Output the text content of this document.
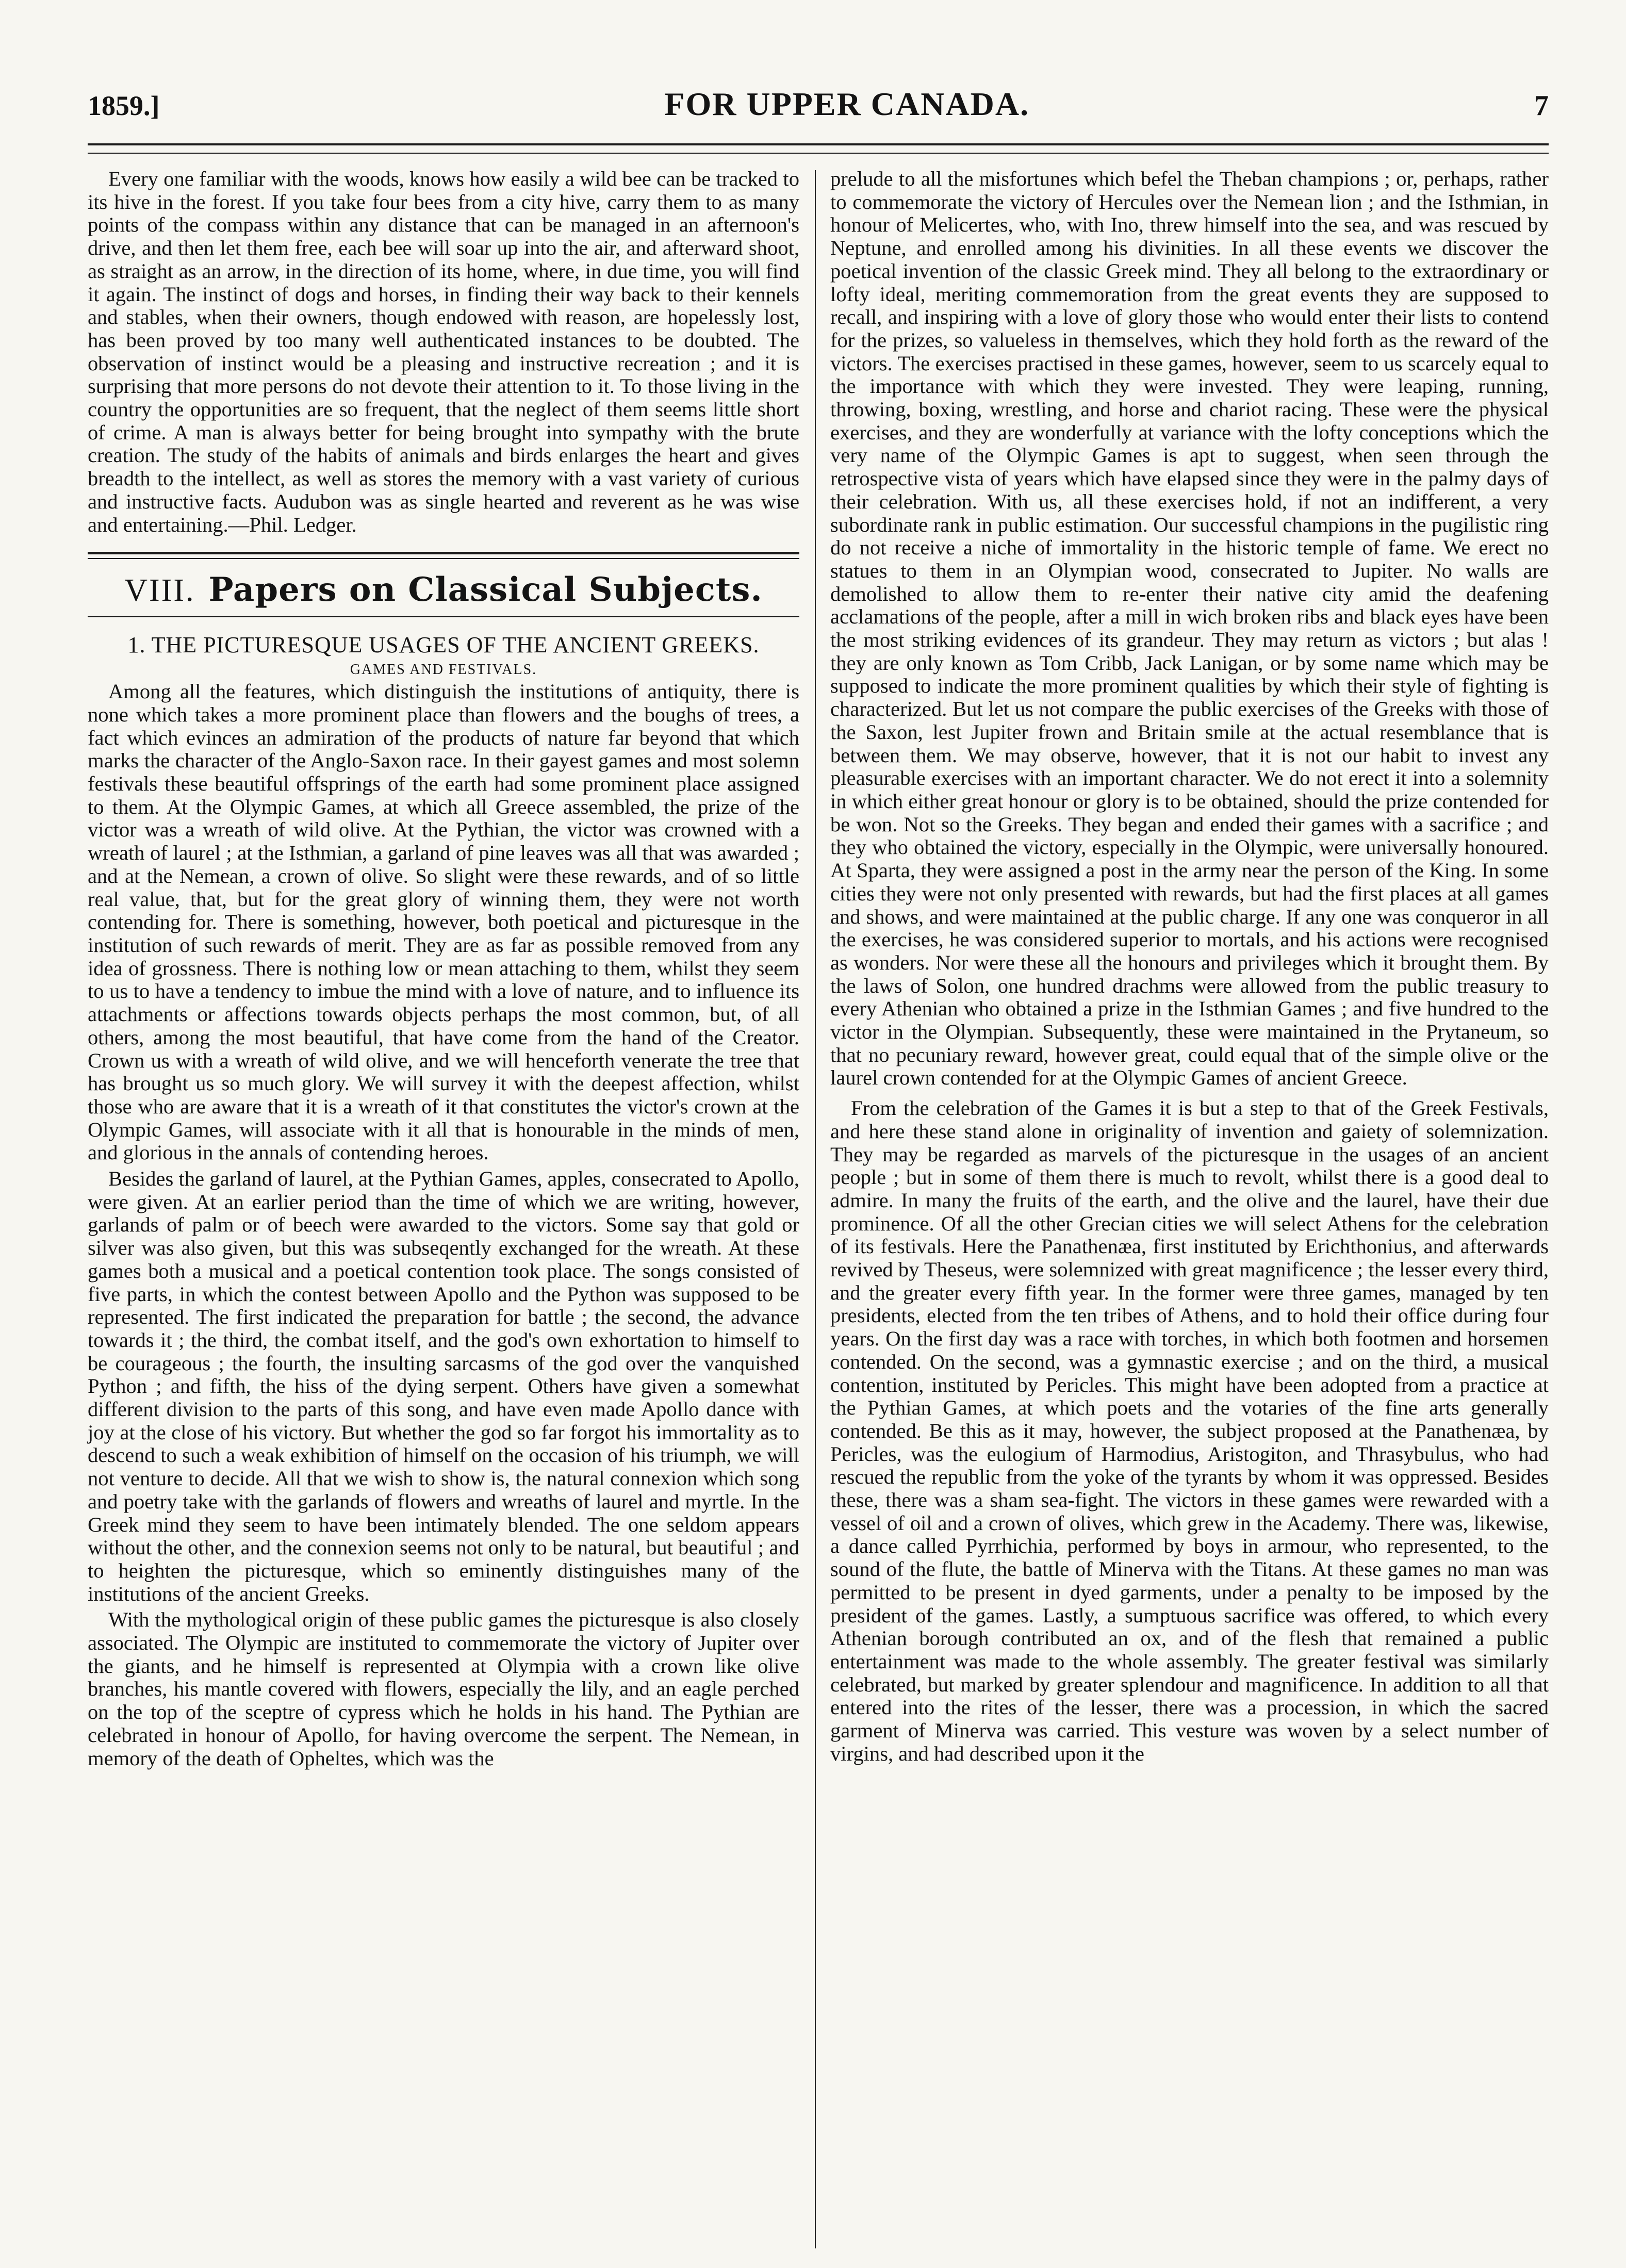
1859.]	FOR UPPER CANADA.	7

Every one familiar with the woods, knows how easily a wild bee can be tracked to its hive in the forest. If you take four bees from a city hive, carry them to as many points of the compass within any distance that can be managed in an afternoon's drive, and then let them free, each bee will soar up into the air, and afterward shoot, as straight as an arrow, in the direction of its home, where, in due time, you will find it again. The instinct of dogs and horses, in finding their way back to their kennels and stables, when their owners, though endowed with reason, are hopelessly lost, has been proved by too many well authenticated instances to be doubted. The observation of instinct would be a pleasing and instructive recreation ; and it is surprising that more persons do not devote their attention to it. To those living in the country the opportunities are so frequent, that the neglect of them seems little short of crime. A man is always better for being brought into sympathy with the brute creation. The study of the habits of animals and birds enlarges the heart and gives breadth to the intellect, as well as stores the memory with a vast variety of curious and instructive facts. Audubon was as single hearted and reverent as he was wise and entertaining.—Phil. Ledger.

VIII. Papers on Classical Subjects.
1. THE PICTURESQUE USAGES OF THE ANCIENT GREEKS.
GAMES AND FESTIVALS.

Among all the features, which distinguish the institutions of antiquity, there is none which takes a more prominent place than flowers and the boughs of trees, a fact which evinces an admiration of the products of nature far beyond that which marks the character of the Anglo-Saxon race. In their gayest games and most solemn festivals these beautiful offsprings of the earth had some prominent place assigned to them. At the Olympic Games, at which all Greece assembled, the prize of the victor was a wreath of wild olive. At the Pythian, the victor was crowned with a wreath of laurel ; at the Isthmian, a garland of pine leaves was all that was awarded ; and at the Nemean, a crown of olive. So slight were these rewards, and of so little real value, that, but for the great glory of winning them, they were not worth contending for. There is something, however, both poetical and picturesque in the institution of such rewards of merit. They are as far as possible removed from any idea of grossness. There is nothing low or mean attaching to them, whilst they seem to us to have a tendency to imbue the mind with a love of nature, and to influence its attachments or affections towards objects perhaps the most common, but, of all others, among the most beautiful, that have come from the hand of the Creator. Crown us with a wreath of wild olive, and we will henceforth venerate the tree that has brought us so much glory. We will survey it with the deepest affection, whilst those who are aware that it is a wreath of it that constitutes the victor's crown at the Olympic Games, will associate with it all that is honourable in the minds of men, and glorious in the annals of contending heroes.

Besides the garland of laurel, at the Pythian Games, apples, consecrated to Apollo, were given. At an earlier period than the time of which we are writing, however, garlands of palm or of beech were awarded to the victors. Some say that gold or silver was also given, but this was subseqently exchanged for the wreath. At these games both a musical and a poetical contention took place. The songs consisted of five parts, in which the contest between Apollo and the Python was supposed to be represented. The first indicated the preparation for battle ; the second, the advance towards it ; the third, the combat itself, and the god's own exhortation to himself to be courageous ; the fourth, the insulting sarcasms of the god over the vanquished Python ; and fifth, the hiss of the dying serpent. Others have given a somewhat different division to the parts of this song, and have even made Apollo dance with joy at the close of his victory. But whether the god so far forgot his immortality as to descend to such a weak exhibition of himself on the occasion of his triumph, we will not venture to decide. All that we wish to show is, the natural connexion which song and poetry take with the garlands of flowers and wreaths of laurel and myrtle. In the Greek mind they seem to have been intimately blended. The one seldom appears without the other, and the connexion seems not only to be natural, but beautiful ; and to heighten the picturesque, which so eminently distinguishes many of the institutions of the ancient Greeks.

With the mythological origin of these public games the picturesque is also closely associated. The Olympic are instituted to commemorate the victory of Jupiter over the giants, and he himself is represented at Olympia with a crown like olive branches, his mantle covered with flowers, especially the lily, and an eagle perched on the top of the sceptre of cypress which he holds in his hand. The Pythian are celebrated in honour of Apollo, for having overcome the serpent. The Nemean, in memory of the death of Opheltes, which was the

prelude to all the misfortunes which befel the Theban champions ; or, perhaps, rather to commemorate the victory of Hercules over the Nemean lion ; and the Isthmian, in honour of Melicertes, who, with Ino, threw himself into the sea, and was rescued by Neptune, and enrolled among his divinities. In all these events we discover the poetical invention of the classic Greek mind. They all belong to the extraordinary or lofty ideal, meriting commemoration from the great events they are supposed to recall, and inspiring with a love of glory those who would enter their lists to contend for the prizes, so valueless in themselves, which they hold forth as the reward of the victors. The exercises practised in these games, however, seem to us scarcely equal to the importance with which they were invested. They were leaping, running, throwing, boxing, wrestling, and horse and chariot racing. These were the physical exercises, and they are wonderfully at variance with the lofty conceptions which the very name of the Olympic Games is apt to suggest, when seen through the retrospective vista of years which have elapsed since they were in the palmy days of their celebration. With us, all these exercises hold, if not an indifferent, a very subordinate rank in public estimation. Our successful champions in the pugilistic ring do not receive a niche of immortality in the historic temple of fame. We erect no statues to them in an Olympian wood, consecrated to Jupiter. No walls are demolished to allow them to re-enter their native city amid the deafening acclamations of the people, after a mill in wich broken ribs and black eyes have been the most striking evidences of its grandeur. They may return as victors ; but alas ! they are only known as Tom Cribb, Jack Lanigan, or by some name which may be supposed to indicate the more prominent qualities by which their style of fighting is characterized. But let us not compare the public exercises of the Greeks with those of the Saxon, lest Jupiter frown and Britain smile at the actual resemblance that is between them. We may observe, however, that it is not our habit to invest any pleasurable exercises with an important character. We do not erect it into a solemnity in which either great honour or glory is to be obtained, should the prize contended for be won. Not so the Greeks. They began and ended their games with a sacrifice ; and they who obtained the victory, especially in the Olympic, were universally honoured. At Sparta, they were assigned a post in the army near the person of the King. In some cities they were not only presented with rewards, but had the first places at all games and shows, and were maintained at the public charge. If any one was conqueror in all the exercises, he was considered superior to mortals, and his actions were recognised as wonders. Nor were these all the honours and privileges which it brought them. By the laws of Solon, one hundred drachms were allowed from the public treasury to every Athenian who obtained a prize in the Isthmian Games ; and five hundred to the victor in the Olympian. Subsequently, these were maintained in the Prytaneum, so that no pecuniary reward, however great, could equal that of the simple olive or the laurel crown contended for at the Olympic Games of ancient Greece.

From the celebration of the Games it is but a step to that of the Greek Festivals, and here these stand alone in originality of invention and gaiety of solemnization. They may be regarded as marvels of the picturesque in the usages of an ancient people ; but in some of them there is much to revolt, whilst there is a good deal to admire. In many the fruits of the earth, and the olive and the laurel, have their due prominence. Of all the other Grecian cities we will select Athens for the celebration of its festivals. Here the Panathenæa, first instituted by Erichthonius, and afterwards revived by Theseus, were solemnized with great magnificence ; the lesser every third, and the greater every fifth year. In the former were three games, managed by ten presidents, elected from the ten tribes of Athens, and to hold their office during four years. On the first day was a race with torches, in which both footmen and horsemen contended. On the second, was a gymnastic exercise ; and on the third, a musical contention, instituted by Pericles. This might have been adopted from a practice at the Pythian Games, at which poets and the votaries of the fine arts generally contended. Be this as it may, however, the subject proposed at the Panathenæa, by Pericles, was the eulogium of Harmodius, Aristogiton, and Thrasybulus, who had rescued the republic from the yoke of the tyrants by whom it was oppressed. Besides these, there was a sham sea-fight. The victors in these games were rewarded with a vessel of oil and a crown of olives, which grew in the Academy. There was, likewise, a dance called Pyrrhichia, performed by boys in armour, who represented, to the sound of the flute, the battle of Minerva with the Titans. At these games no man was permitted to be present in dyed garments, under a penalty to be imposed by the president of the games. Lastly, a sumptuous sacrifice was offered, to which every Athenian borough contributed an ox, and of the flesh that remained a public entertainment was made to the whole assembly. The greater festival was similarly celebrated, but marked by greater splendour and magnificence. In addition to all that entered into the rites of the lesser, there was a procession, in which the sacred garment of Minerva was carried. This vesture was woven by a select number of virgins, and had described upon it the
